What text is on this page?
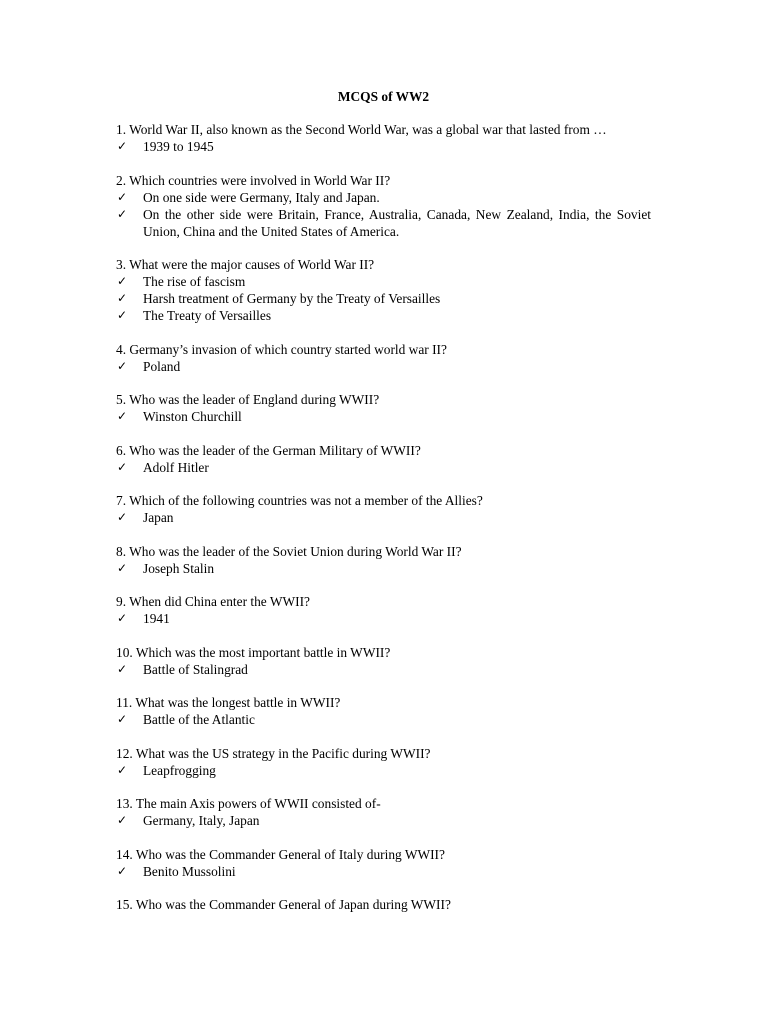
MCQS of WW2

1. World War II, also known as the Second World War, was a global war that lasted from …

✓ 1939 to 1945

2. Which countries were involved in World War II?

✓ On one side were Germany, Italy and Japan.
✓ On the other side were Britain, France, Australia, Canada, New Zealand, India, the Soviet Union, China and the United States of America.

3. What were the major causes of World War II?

✓ The rise of fascism
✓ Harsh treatment of Germany by the Treaty of Versailles
✓ The Treaty of Versailles

4. Germany’s invasion of which country started world war II?

✓ Poland

5. Who was the leader of England during WWII?

✓ Winston Churchill

6. Who was the leader of the German Military of WWII?

✓ Adolf Hitler

7. Which of the following countries was not a member of the Allies?

✓ Japan

8. Who was the leader of the Soviet Union during World War II?

✓ Joseph Stalin

9. When did China enter the WWII?

✓ 1941

10. Which was the most important battle in WWII?

✓ Battle of Stalingrad

11. What was the longest battle in WWII?

✓ Battle of the Atlantic

12. What was the US strategy in the Pacific during WWII?

✓ Leapfrogging

13. The main Axis powers of WWII consisted of-

✓ Germany, Italy, Japan

14. Who was the Commander General of Italy during WWII?

✓ Benito Mussolini

15. Who was the Commander General of Japan during WWII?
